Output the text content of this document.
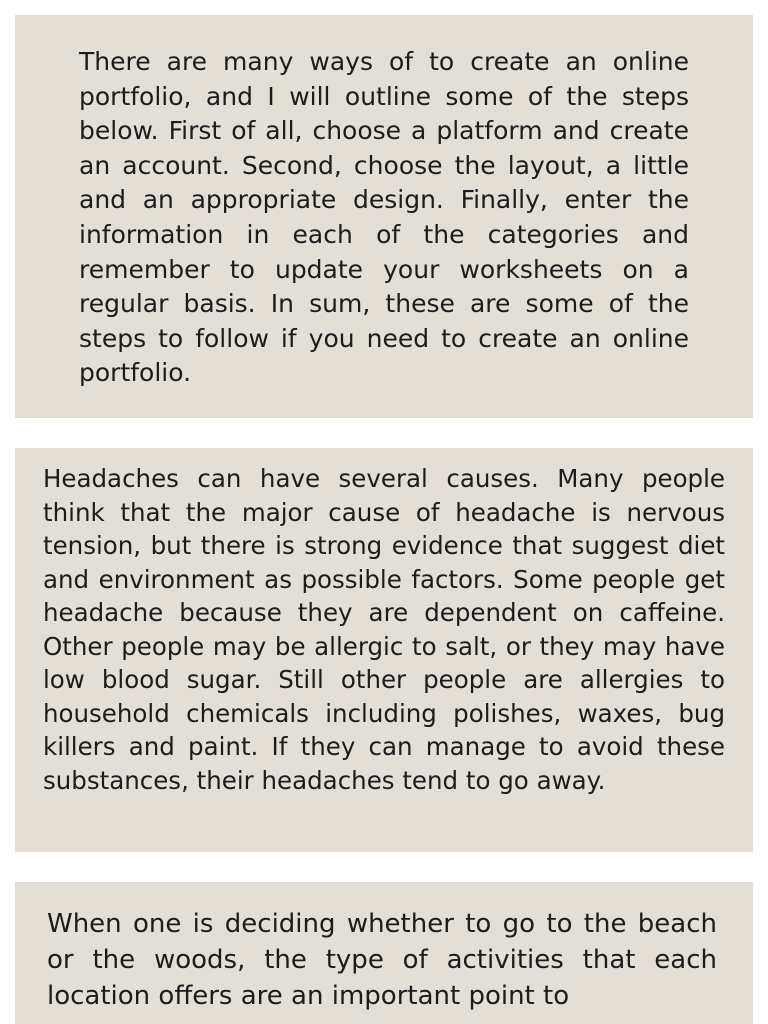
There are many ways of to create an online portfolio, and I will outline some of the steps below. First of all, choose a platform and create an account. Second, choose the layout, a little and an appropriate design. Finally, enter the information in each of the categories and remember to update your worksheets on a regular basis. In sum, these are some of the steps to follow if you need to create an online portfolio.

Headaches can have several causes. Many people think that the major cause of headache is nervous tension, but there is strong evidence that suggest diet and environment as possible factors. Some people get headache because they are dependent on caffeine. Other people may be allergic to salt, or they may have low blood sugar. Still other people are allergies to household chemicals including polishes, waxes, bug killers and paint. If they can manage to avoid these substances, their headaches tend to go away.

When one is deciding whether to go to the beach or the woods, the type of activities that each location offers are an important point to
